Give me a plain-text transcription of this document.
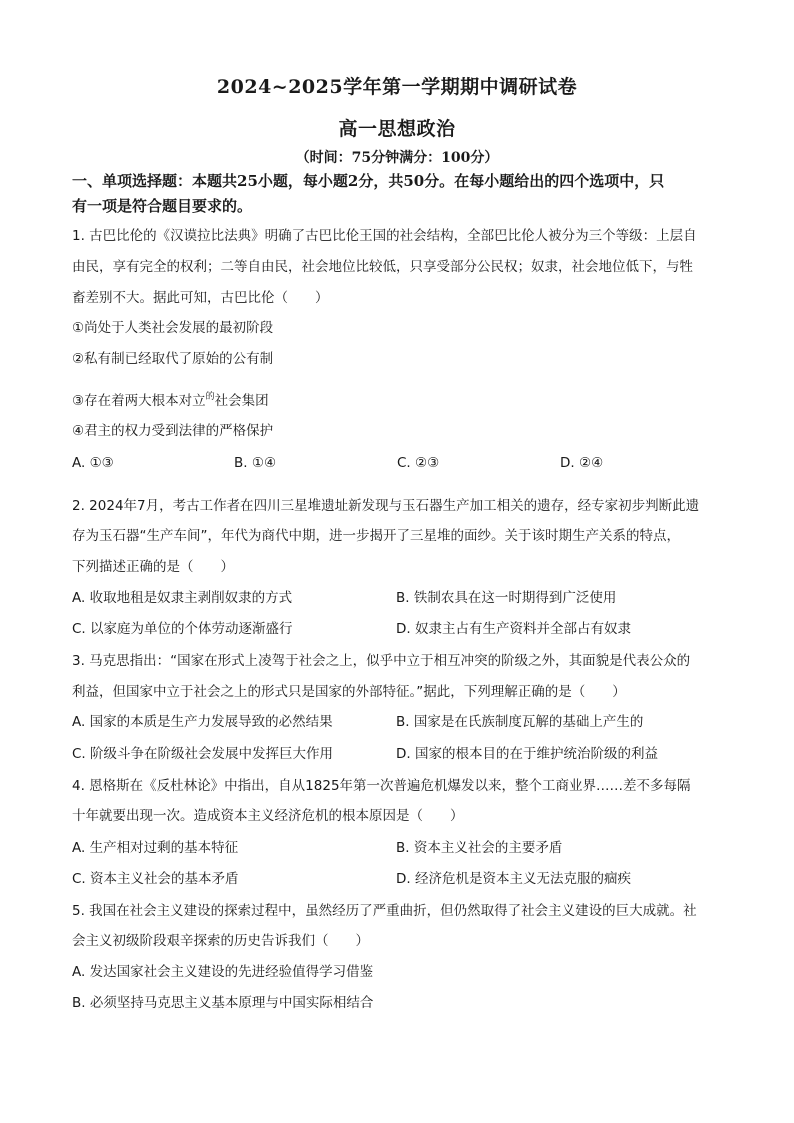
2024~2025学年第一学期期中调研试卷
高一思想政治
（时间：75分钟满分：100分）
一、单项选择题：本题共25小题，每小题2分，共50分。在每小题给出的四个选项中，只
有一项是符合题目要求的。
1. 古巴比伦的《汉谟拉比法典》明确了古巴比伦王国的社会结构，全部巴比伦人被分为三个等级：上层自
由民，享有完全的权利；二等自由民，社会地位比较低，只享受部分公民权；奴隶，社会地位低下，与牲
畜差别不大。据此可知，古巴比伦（　　）
①尚处于人类社会发展的最初阶段
②私有制已经取代了原始的公有制
③存在着两大根本对立$^的$社会集团
④君主的权力受到法律的严格保护
A. ①③	B. ①④	C. ②③	D. ②④
2. 2024年7月，考古工作者在四川三星堆遗址新发现与玉石器生产加工相关的遗存，经专家初步判断此遗
存为玉石器“生产车间”，年代为商代中期，进一步揭开了三星堆的面纱。关于该时期生产关系的特点，
下列描述正确的是（　　）
A. 收取地租是奴隶主剥削奴隶的方式	B. 铁制农具在这一时期得到广泛使用
C. 以家庭为单位的个体劳动逐渐盛行	D. 奴隶主占有生产资料并全部占有奴隶
3. 马克思指出：“国家在形式上凌驾于社会之上，似乎中立于相互冲突的阶级之外，其面貌是代表公众的
利益，但国家中立于社会之上的形式只是国家的外部特征。”据此，下列理解正确的是（　　）
A. 国家的本质是生产力发展导致的必然结果	B. 国家是在氏族制度瓦解的基础上产生的
C. 阶级斗争在阶级社会发展中发挥巨大作用	D. 国家的根本目的在于维护统治阶级的利益
4. 恩格斯在《反杜林论》中指出，自从1825年第一次普遍危机爆发以来，整个工商业界……差不多每隔
十年就要出现一次。造成资本主义经济危机的根本原因是（　　）
A. 生产相对过剩的基本特征	B. 资本主义社会的主要矛盾
C. 资本主义社会的基本矛盾	D. 经济危机是资本主义无法克服的痼疾
5. 我国在社会主义建设的探索过程中，虽然经历了严重曲折，但仍然取得了社会主义建设的巨大成就。社
会主义初级阶段艰辛探索的历史告诉我们（　　）
A. 发达国家社会主义建设的先进经验值得学习借鉴
B. 必须坚持马克思主义基本原理与中国实际相结合
